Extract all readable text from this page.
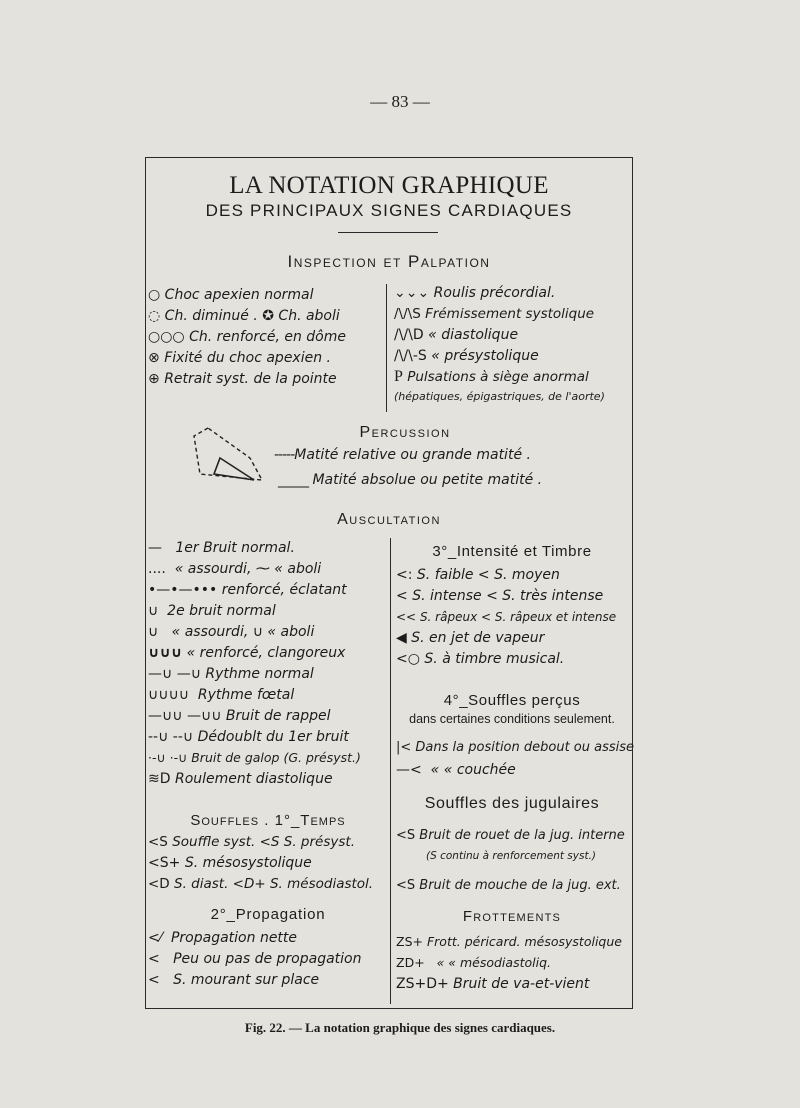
— 83 —
LA NOTATION GRAPHIQUE
DES PRINCIPAUX SIGNES CARDIAQUES
Inspection et Palpation
○ Choc apexien normal
◌ Ch. diminué . ✪ Ch. aboli
○○○ Ch. renforcé, en dôme
⊗ Fixité du choc apexien .
⊕ Retrait syst. de la pointe
⌄⌄⌄ Roulis précordial.
/\/\S Frémissement systolique
/\/\D « diastolique
/\/\-S « présystolique
P Pulsations à siège anormal
(hépatiques, épigastriques, de l'aorte)
Percussion
-----Matité relative ou grande matité .
_____ Matité absolue ou petite matité .
Auscultation
— 1er Bruit normal.
.... « assourdi, ⁓ « aboli
•—•—••• renforcé, éclatant
∪ 2e bruit normal
∪ « assourdi, ∪ « aboli
∪∪∪ « renforcé, clangoreux
—∪ —∪ Rythme normal
∪∪∪∪ Rythme fœtal
—∪∪ —∪∪ Bruit de rappel
--∪ --∪ Dédoublt du 1er bruit
·-∪ ·-∪ Bruit de galop (G. présyst.)
≋D Roulement diastolique
Souffles . 1°_Temps
<S Souffle syst. <S S. présyst.
<S+ S. mésosystolique
<D S. diast. <D+ S. mésodiastol.
2°_Propagation
<⁄ Propagation nette
< Peu ou pas de propagation
< S. mourant sur place
3°_Intensité et Timbre
<: S. faible < S. moyen
< S. intense < S. très intense
<< S. râpeux < S. râpeux et intense
◀ S. en jet de vapeur
<○ S. à timbre musical.
4°_Souffles perçus
dans certaines conditions seulement.
|< Dans la position debout ou assise
—< « « couchée
Souffles des jugulaires
<S Bruit de rouet de la jug. interne
(S continu à renforcement syst.)
<S Bruit de mouche de la jug. ext.
Frottements
ZS+ Frott. péricard. mésosystolique
ZD+ « « mésodiastoliq.
ZS+D+ Bruit de va-et-vient
Fig. 22. — La notation graphique des signes cardiaques.
